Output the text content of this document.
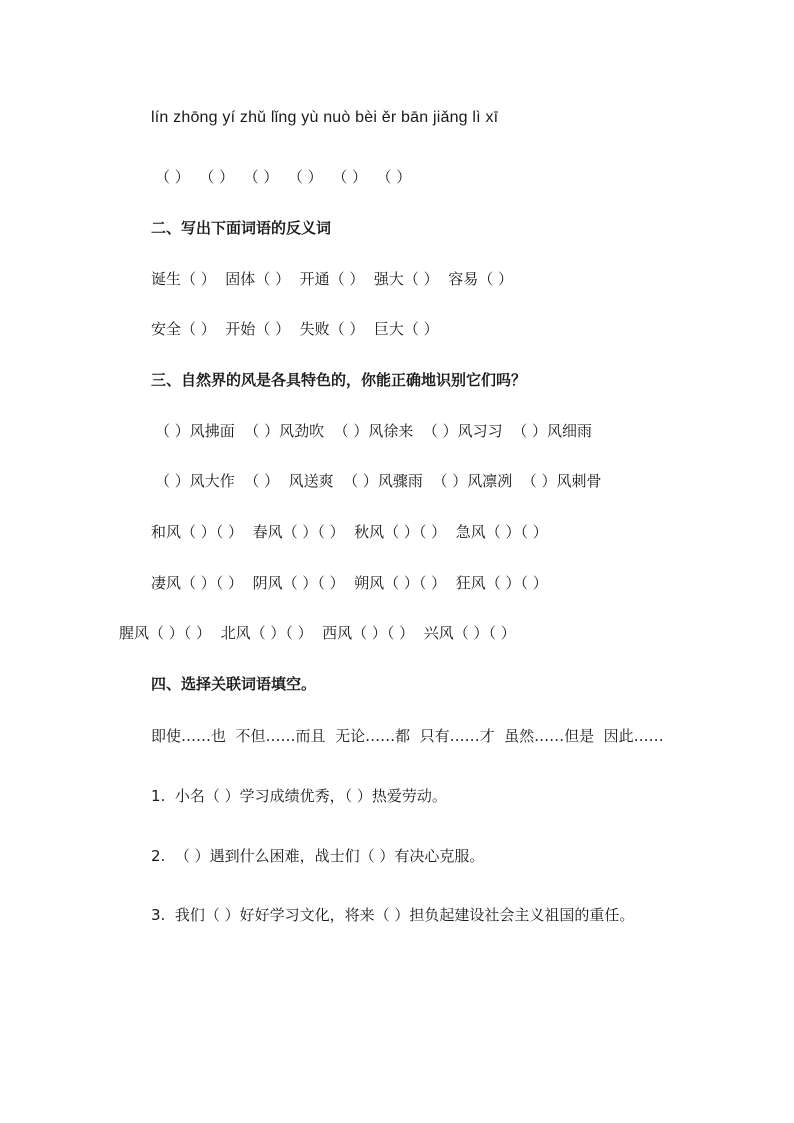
lín zhōng yí zhǔ lǐng yù nuò bèi ěr bān jiǎng lì xī
（ ）  （ ）  （ ）  （ ）  （ ）  （ ）
二、写出下面词语的反义词
诞生（ ）  固体（ ）  开通（ ）  强大（ ）  容易（ ）
安全（ ）  开始（ ）  失败（ ）  巨大（ ）
三、自然界的风是各具特色的，你能正确地识别它们吗？
（ ）风拂面  （ ）风劲吹  （ ）风徐来  （ ）风习习  （ ）风细雨
（ ）风大作  （ ）  风送爽  （ ）风骤雨  （ ）风凛冽  （ ）风刺骨
和风（ ）（ ）  春风（ ）（ ）  秋风（ ）（ ）  急风（ ）（ ）
凄风（ ）（ ）  阴风（ ）（ ）  朔风（ ）（ ）  狂风（ ）（ ）
腥风（ ）（ ）  北风（ ）（ ）  西风（ ）（ ）  兴风（ ）（ ）
四、选择关联词语填空。
即使……也  不但……而且  无论……都  只有……才  虽然……但是  因此……
1.  小名（ ）学习成绩优秀，（ ）热爱劳动。
2.  （ ）遇到什么困难，战士们（ ）有决心克服。
3.  我们（ ）好好学习文化，将来（ ）担负起建设社会主义祖国的重任。
